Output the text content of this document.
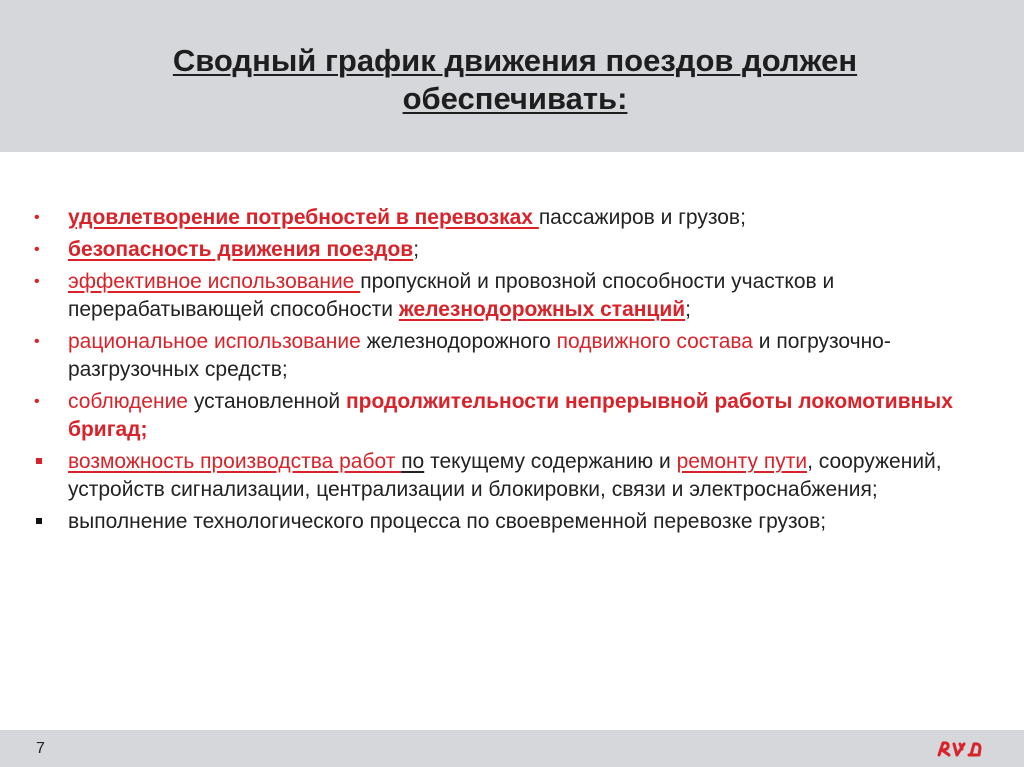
Сводный график движения поездов должен обеспечивать:
• удовлетворение потребностей в перевозках пассажиров и грузов;
• безопасность движения поездов;
• эффективное использование пропускной и провозной способности участков и перерабатывающей способности железнодорожных станций;
• рациональное использование железнодорожного подвижного состава и погрузочно-разгрузочных средств;
• соблюдение установленной продолжительности непрерывной работы локомотивных бригад;
возможность производства работ по текущему содержанию и ремонту пути, сооружений, устройств сигнализации, централизации и блокировки, связи и электроснабжения;
выполнение технологического процесса по своевременной перевозке грузов;
7
